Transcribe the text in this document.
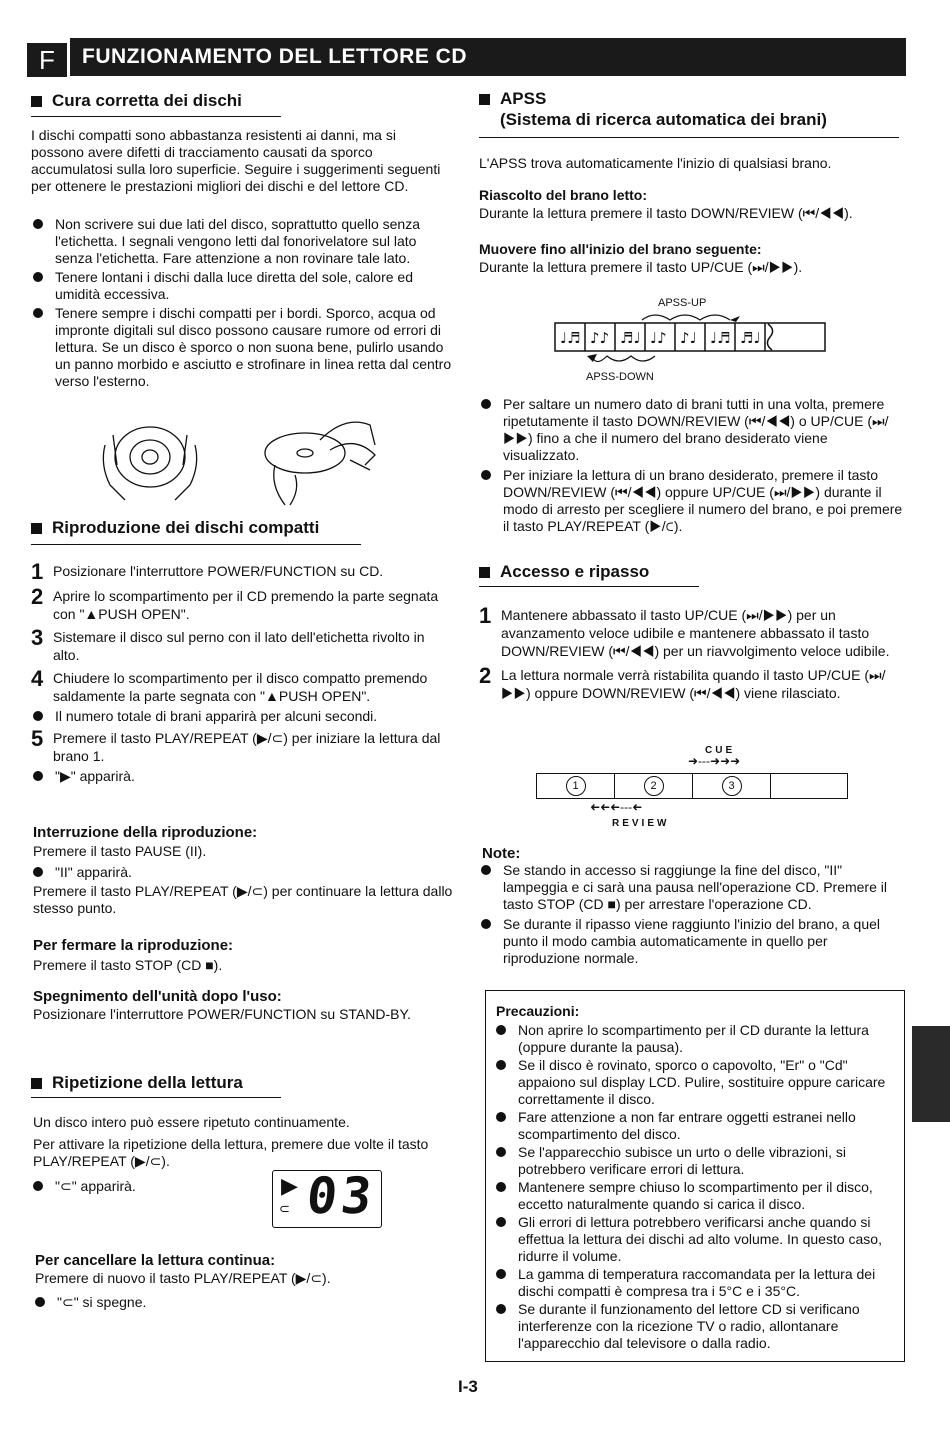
F	FUNZIONAMENTO DEL LETTORE CD
Cura corretta dei dischi
I dischi compatti sono abbastanza resistenti ai danni, ma si possono avere difetti di tracciamento causati da sporco accumulatosi sulla loro superficie. Seguire i suggerimenti seguenti per ottenere le prestazioni migliori dei dischi e del lettore CD.
Non scrivere sui due lati del disco, soprattutto quello senza l'etichetta. I segnali vengono letti dal fonorivelatore sul lato senza l'etichetta. Fare attenzione a non rovinare tale lato.
Tenere lontani i dischi dalla luce diretta del sole, calore ed umidità eccessiva.
Tenere sempre i dischi compatti per i bordi. Sporco, acqua od impronte digitali sul disco possono causare rumore od errori di lettura. Se un disco è sporco o non suona bene, pulirlo usando un panno morbido e asciutto e strofinare in linea retta dal centro verso l'esterno.
Riproduzione dei dischi compatti
1 Posizionare l'interruttore POWER/FUNCTION su CD.
2 Aprire lo scompartimento per il CD premendo la parte segnata con "▲PUSH OPEN".
3 Sistemare il disco sul perno con il lato dell'etichetta rivolto in alto.
4 Chiudere lo scompartimento per il disco compatto premendo saldamente la parte segnata con "▲PUSH OPEN".
Il numero totale di brani apparirà per alcuni secondi.
5 Premere il tasto PLAY/REPEAT (▶/⊂) per iniziare la lettura dal brano 1.
"▶" apparirà.
Interruzione della riproduzione:
Premere il tasto PAUSE (II).
"II" apparirà.
Premere il tasto PLAY/REPEAT (▶/⊂) per continuare la lettura dallo stesso punto.
Per fermare la riproduzione:
Premere il tasto STOP (CD ■).
Spegnimento dell'unità dopo l'uso:
Posizionare l'interruttore POWER/FUNCTION su STAND-BY.
Ripetizione della lettura
Un disco intero può essere ripetuto continuamente.
Per attivare la ripetizione della lettura, premere due volte il tasto PLAY/REPEAT (▶/⊂).
"⊂" apparirà.	▶
⊂ 03
Per cancellare la lettura continua:
Premere di nuovo il tasto PLAY/REPEAT (▶/⊂).
"⊂" si spegne.
APSS
(Sistema di ricerca automatica dei brani)
L'APSS trova automaticamente l'inizio di qualsiasi brano.
Riascolto del brano letto:
Durante la lettura premere il tasto DOWN/REVIEW (⏮/◀◀).
Muovere fino all'inizio del brano seguente:
Durante la lettura premere il tasto UP/CUE (⏭/▶▶).
APSS-UP
♩♬ ♪♪ ♬♩ ♩♪ ♪♩ ♩♬ ♬♩
APSS-DOWN
Per saltare un numero dato di brani tutti in una volta, premere ripetutamente il tasto DOWN/REVIEW (⏮/◀◀) o UP/CUE (⏭/▶▶) fino a che il numero del brano desiderato viene visualizzato.
Per iniziare la lettura di un brano desiderato, premere il tasto DOWN/REVIEW (⏮/◀◀) oppure UP/CUE (⏭/▶▶) durante il modo di arresto per scegliere il numero del brano, e poi premere il tasto PLAY/REPEAT (▶/⊂).
Accesso e ripasso
1 Mantenere abbassato il tasto UP/CUE (⏭/▶▶) per un avanzamento veloce udibile e mantenere abbassato il tasto DOWN/REVIEW (⏮/◀◀) per un riavvolgimento veloce udibile.
2 La lettura normale verrà ristabilita quando il tasto UP/CUE (⏭/▶▶) oppure DOWN/REVIEW (⏮/◀◀) viene rilasciato.
CUE
➜‐‐‐➜➜➜
1	2	3
➜‐‐‐➜➜➜
REVIEW
Note:
Se stando in accesso si raggiunge la fine del disco, "II" lampeggia e ci sarà una pausa nell'operazione CD. Premere il tasto STOP (CD ■) per arrestare l'operazione CD.
Se durante il ripasso viene raggiunto l'inizio del brano, a quel punto il modo cambia automaticamente in quello per riproduzione normale.
Precauzioni:
Non aprire lo scompartimento per il CD durante la lettura (oppure durante la pausa).
Se il disco è rovinato, sporco o capovolto, "Er" o "Cd" appaiono sul display LCD. Pulire, sostituire oppure caricare correttamente il disco.
Fare attenzione a non far entrare oggetti estranei nello scompartimento del disco.
Se l'apparecchio subisce un urto o delle vibrazioni, si potrebbero verificare errori di lettura.
Mantenere sempre chiuso lo scompartimento per il disco, eccetto naturalmente quando si carica il disco.
Gli errori di lettura potrebbero verificarsi anche quando si effettua la lettura dei dischi ad alto volume. In questo caso, ridurre il volume.
La gamma di temperatura raccomandata per la lettura dei dischi compatti è compresa tra i 5°C e i 35°C.
Se durante il funzionamento del lettore CD si verificano interferenze con la ricezione TV o radio, allontanare l'apparecchio dal televisore o dalla radio.
I-3
